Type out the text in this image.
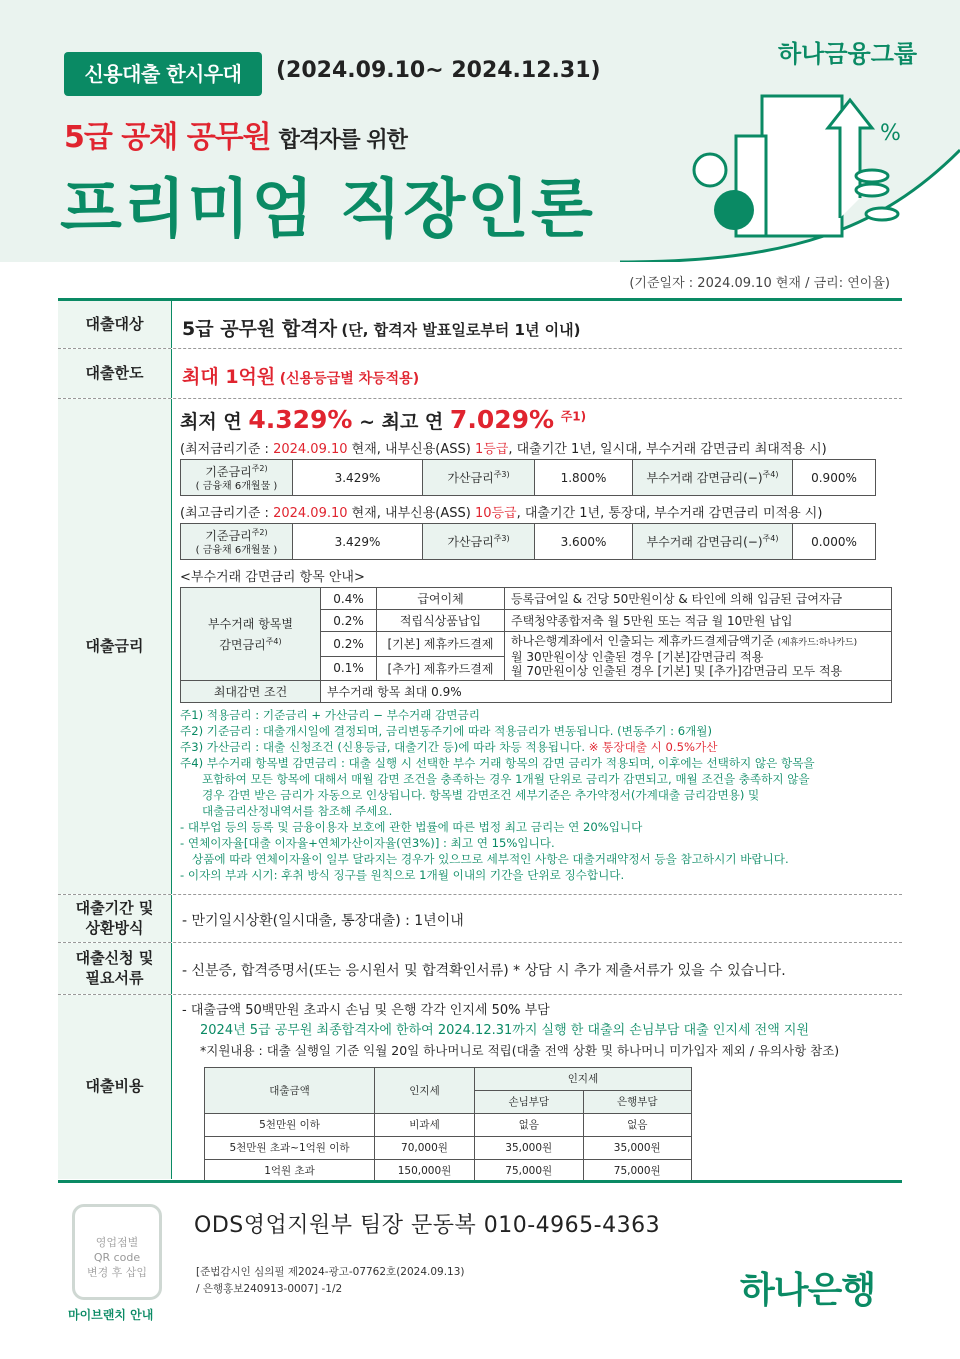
신용대출 한시우대	(2024.09.10~ 2024.12.31)
5급 공채 공무원 합격자를 위한
프리미엄 직장인론
하나금융그룹
%
(기준일자 : 2024.09.10 현재 / 금리: 연이율)
대출대상	5급 공무원 합격자 (단, 합격자 발표일로부터 1년 이내)
대출한도	최대 1억원 (신용등급별 차등적용)
대출금리
최저 연 4.329% ~ 최고 연 7.029% $^{주1)}$
(최저금리기준 : 2024.09.10 현재, 내부신용(ASS) 1등급, 대출기간 1년, 일시대, 부수거래 감면금리 최대적용 시)
기준금리$^{주2)}$
( 금융채 6개월물 )	3.429%	가산금리$^{주3)}$	1.800%	부수거래 감면금리$(-)^{주4)}$	0.900%
(최고금리기준 : 2024.09.10 현재, 내부신용(ASS) 10등급, 대출기간 1년, 통장대, 부수거래 감면금리 미적용 시)
기준금리$^{주2)}$
( 금융채 6개월물 )	3.429%	가산금리$^{주3)}$	3.600%	부수거래 감면금리$(-)^{주4)}$	0.000%
<부수거래 감면금리 항목 안내>
부수거래 항목별
감면금리$^{주4)}$	0.4%	급여이체	등록급여일 & 건당 50만원이상 & 타인에 의해 입금된 급여자금
	0.2%	적립식상품납입	주택청약종합저축 월 5만원 또는 적금 월 10만원 납입
	0.2%	[기본] 제휴카드결제	하나은행계좌에서 인출되는 제휴카드결제금액기준 (제휴카드:하나카드)
월 30만원이상 인출된 경우 [기본]감면금리 적용
월 70만원이상 인출된 경우 [기본] 및 [추가]감면금리 모두 적용
	0.1%	[추가] 제휴카드결제	
최대감면 조건	부수거래 항목 최대 0.9%		
주1) 적용금리 : 기준금리 + 가산금리 − 부수거래 감면금리
주2) 기준금리 : 대출개시일에 결정되며, 금리변동주기에 따라 적용금리가 변동됩니다. (변동주기 : 6개월)
주3) 가산금리 : 대출 신청조건 (신용등급, 대출기간 등)에 따라 차등 적용됩니다. ※ 통장대출 시 0.5%가산
주4) 부수거래 항목별 감면금리 : 대출 실행 시 선택한 부수 거래 항목의 감면 금리가 적용되며, 이후에는 선택하지 않은 항목을
포함하여 모든 항목에 대해서 매월 감면 조건을 충족하는 경우 1개월 단위로 금리가 감면되고, 매월 조건을 충족하지 않을
경우 감면 받은 금리가 자동으로 인상됩니다. 항목별 감면조건 세부기준은 추가약정서(가계대출 금리감면용) 및
대출금리산정내역서를 참조해 주세요.
- 대부업 등의 등록 및 금융이용자 보호에 관한 법률에 따른 법정 최고 금리는 연 20%입니다
- 연체이자율[대출 이자율+연체가산이자율(연3%)] : 최고 연 15%입니다.
상품에 따라 연체이자율이 일부 달라지는 경우가 있으므로 세부적인 사항은 대출거래약정서 등을 참고하시기 바랍니다.
- 이자의 부과 시기: 후취 방식 징구를 원칙으로 1개월 이내의 기간을 단위로 징수합니다.
대출기간 및
상환방식	- 만기일시상환(일시대출, 통장대출) : 1년이내
대출신청 및
필요서류	- 신분증, 합격증명서(또는 응시원서 및 합격확인서류) * 상담 시 추가 제출서류가 있을 수 있습니다.
대출비용
- 대출금액 50백만원 초과시 손님 및 은행 각각 인지세 50% 부담
2024년 5급 공무원 최종합격자에 한하여 2024.12.31까지 실행 한 대출의 손님부담 대출 인지세 전액 지원
*지원내용 : 대출 실행일 기준 익월 20일 하나머니로 적립(대출 전액 상환 및 하나머니 미가입자 제외 / 유의사항 참조)
대출금액	인지세	인지세	
		손님부담	은행부담
5천만원 이하	비과세	없음	없음
5천만원 초과~1억원 이하	70,000원	35,000원	35,000원
1억원 초과	150,000원	75,000원	75,000원
영업점별
QR code
변경 후 삽입
마이브랜치 안내
ODS영업지원부 팀장 문동복 010-4965-4363
[준법감시인 심의필 제2024-광고-07762호(2024.09.13)
/ 은행홍보240913-0007] -1/2	하나은행
